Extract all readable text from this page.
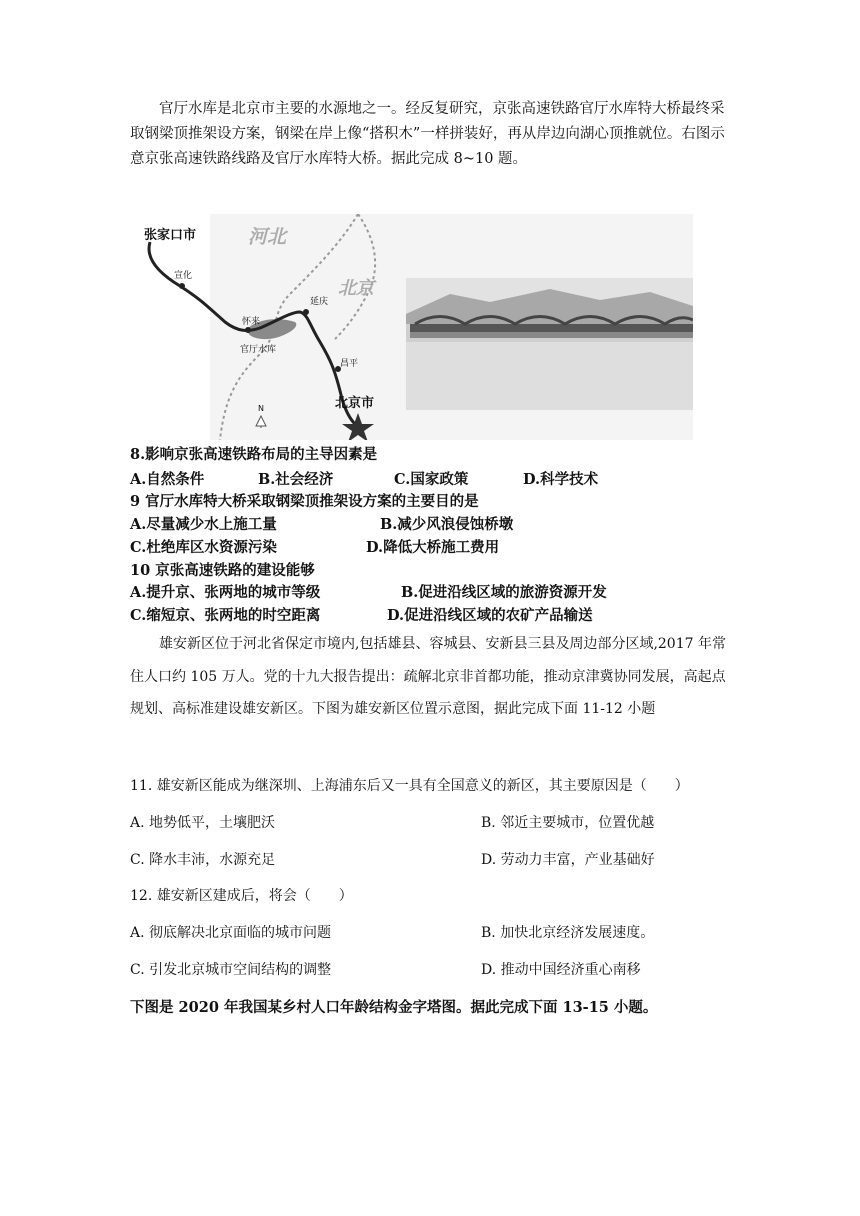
官厅水库是北京市主要的水源地之一。经反复研究，京张高速铁路官厅水库特大桥最终采取钢梁顶推架设方案，钢梁在岸上像“搭积木”一样拼装好，再从岸边向湖心顶推就位。右图示意京张高速铁路线路及官厅水库特大桥。据此完成 8~10 题。

张家口市	河北
北京
宣化
延庆
怀来
官厅水库
昌平
北京市
N

8.影响京张高速铁路布局的主导因素是

A.自然条件	B.社会经济	C.国家政策	D.科学技术

9 官厅水库特大桥采取钢梁顶推架设方案的主要目的是

A.尽量减少水上施工量	B.减少风浪侵蚀桥墩
C.杜绝库区水资源污染	D.降低大桥施工费用

10 京张高速铁路的建设能够

A.提升京、张两地的城市等级	B.促进沿线区域的旅游资源开发
C.缩短京、张两地的时空距离	D.促进沿线区域的农矿产品输送

雄安新区位于河北省保定市境内,包括雄县、容城县、安新县三县及周边部分区域,2017 年常住人口约 105 万人。党的十九大报告提出：疏解北京非首都功能，推动京津冀协同发展，高起点规划、高标准建设雄安新区。下图为雄安新区位置示意图，据此完成下面 11-12 小题

11. 雄安新区能成为继深圳、上海浦东后又一具有全国意义的新区，其主要原因是（　　）

A. 地势低平，土壤肥沃	B. 邻近主要城市，位置优越
C. 降水丰沛，水源充足	D. 劳动力丰富，产业基础好

12. 雄安新区建成后，将会（　　）

A. 彻底解决北京面临的城市问题	B. 加快北京经济发展速度。
C. 引发北京城市空间结构的调整	D. 推动中国经济重心南移

下图是 2020 年我国某乡村人口年龄结构金字塔图。据此完成下面 13-15 小题。
